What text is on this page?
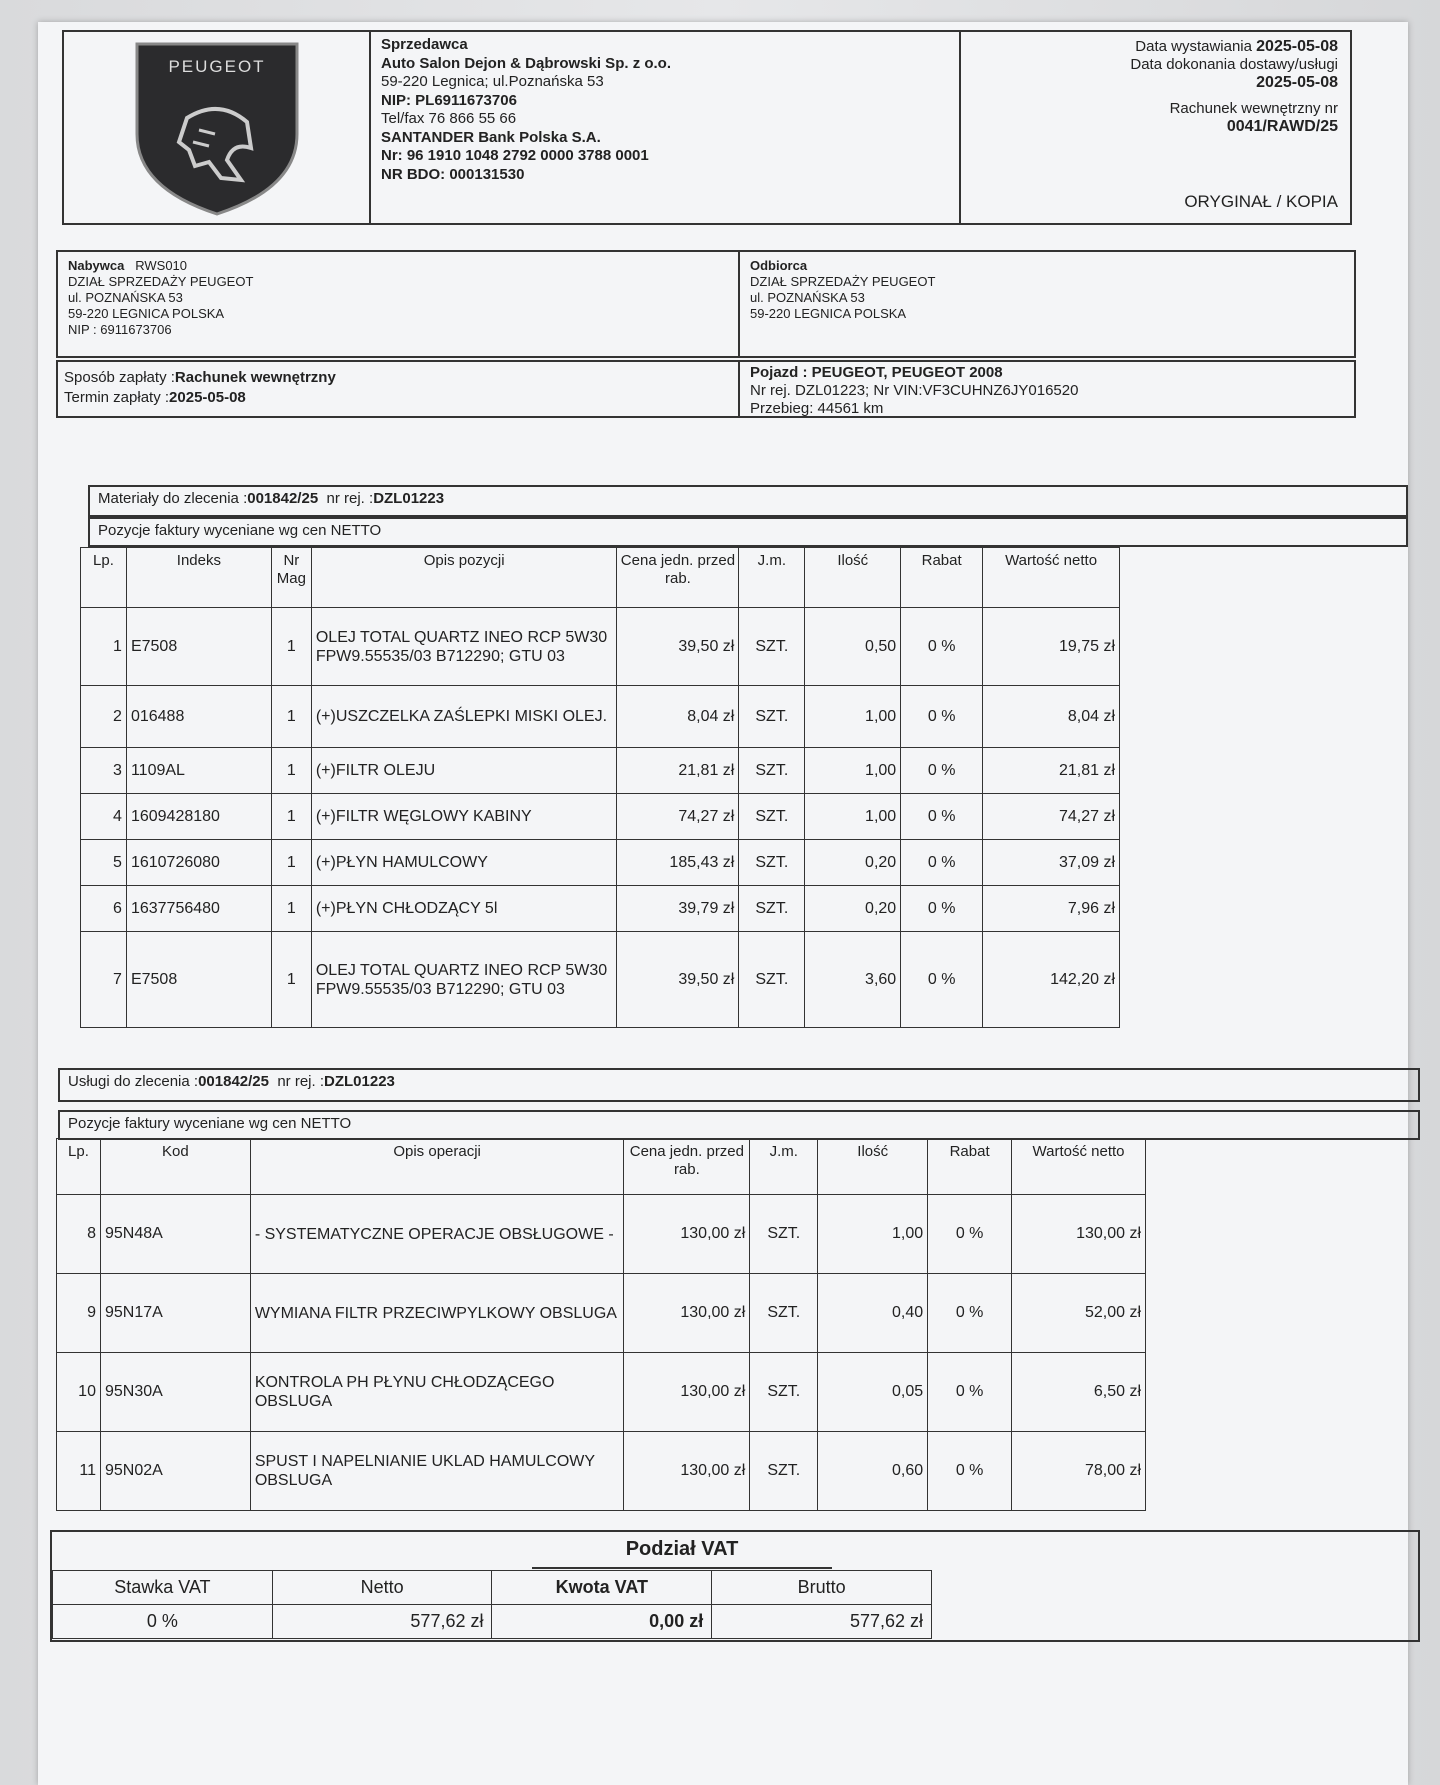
PEUGEOT
Sprzedawca
Auto Salon Dejon & Dąbrowski Sp. z o.o.
59-220 Legnica; ul.Poznańska 53
NIP: PL6911673706
Tel/fax 76 866 55 66
SANTANDER Bank Polska S.A.
Nr: 96 1910 1048 2792 0000 3788 0001
NR BDO: 000131530
Data wystawiania 2025-05-08
Data dokonania dostawy/usługi
2025-05-08
Rachunek wewnętrzny nr
0041/RAWD/25
ORYGINAŁ / KOPIA
Nabywca RWS010
DZIAŁ SPRZEDAŻY PEUGEOT
ul. POZNAŃSKA 53
59-220 LEGNICA POLSKA
NIP : 6911673706
Odbiorca
DZIAŁ SPRZEDAŻY PEUGEOT
ul. POZNAŃSKA 53
59-220 LEGNICA POLSKA
Sposób zapłaty :Rachunek wewnętrzny
Termin zapłaty :2025-05-08
Pojazd : PEUGEOT, PEUGEOT 2008
Nr rej. DZL01223; Nr VIN:VF3CUHNZ6JY016520
Przebieg: 44561 km
Materiały do zlecenia :001842/25 nr rej. :DZL01223
Pozycje faktury wyceniane wg cen NETTO
Lp.	Indeks	Nr Mag	Opis pozycji	Cena jedn. przed rab.	J.m.	Ilość	Rabat	Wartość netto
1	E7508	1	OLEJ TOTAL QUARTZ INEO RCP 5W30 FPW9.55535/03 B712290; GTU 03	39,50 zł	SZT.	0,50	0 %	19,75 zł
2	016488	1	(+)USZCZELKA ZAŚLEPKI MISKI OLEJ.	8,04 zł	SZT.	1,00	0 %	8,04 zł
3	1109AL	1	(+)FILTR OLEJU	21,81 zł	SZT.	1,00	0 %	21,81 zł
4	1609428180	1	(+)FILTR WĘGLOWY KABINY	74,27 zł	SZT.	1,00	0 %	74,27 zł
5	1610726080	1	(+)PŁYN HAMULCOWY	185,43 zł	SZT.	0,20	0 %	37,09 zł
6	1637756480	1	(+)PŁYN CHŁODZĄCY 5l	39,79 zł	SZT.	0,20	0 %	7,96 zł
7	E7508	1	OLEJ TOTAL QUARTZ INEO RCP 5W30 FPW9.55535/03 B712290; GTU 03	39,50 zł	SZT.	3,60	0 %	142,20 zł
Usługi do zlecenia :001842/25 nr rej. :DZL01223
Pozycje faktury wyceniane wg cen NETTO
Lp.	Kod	Opis operacji	Cena jedn. przed rab.	J.m.	Ilość	Rabat	Wartość netto
8	95N48A	- SYSTEMATYCZNE OPERACJE OBSŁUGOWE -	130,00 zł	SZT.	1,00	0 %	130,00 zł
9	95N17A	WYMIANA FILTR PRZECIWPYLKOWY OBSLUGA	130,00 zł	SZT.	0,40	0 %	52,00 zł
10	95N30A	KONTROLA PH PŁYNU CHŁODZĄCEGO OBSLUGA	130,00 zł	SZT.	0,05	0 %	6,50 zł
11	95N02A	SPUST I NAPELNIANIE UKLAD HAMULCOWY OBSLUGA	130,00 zł	SZT.	0,60	0 %	78,00 zł
Podział VAT
Stawka VAT	Netto	Kwota VAT	Brutto
0 %	577,62 zł	0,00 zł	577,62 zł
